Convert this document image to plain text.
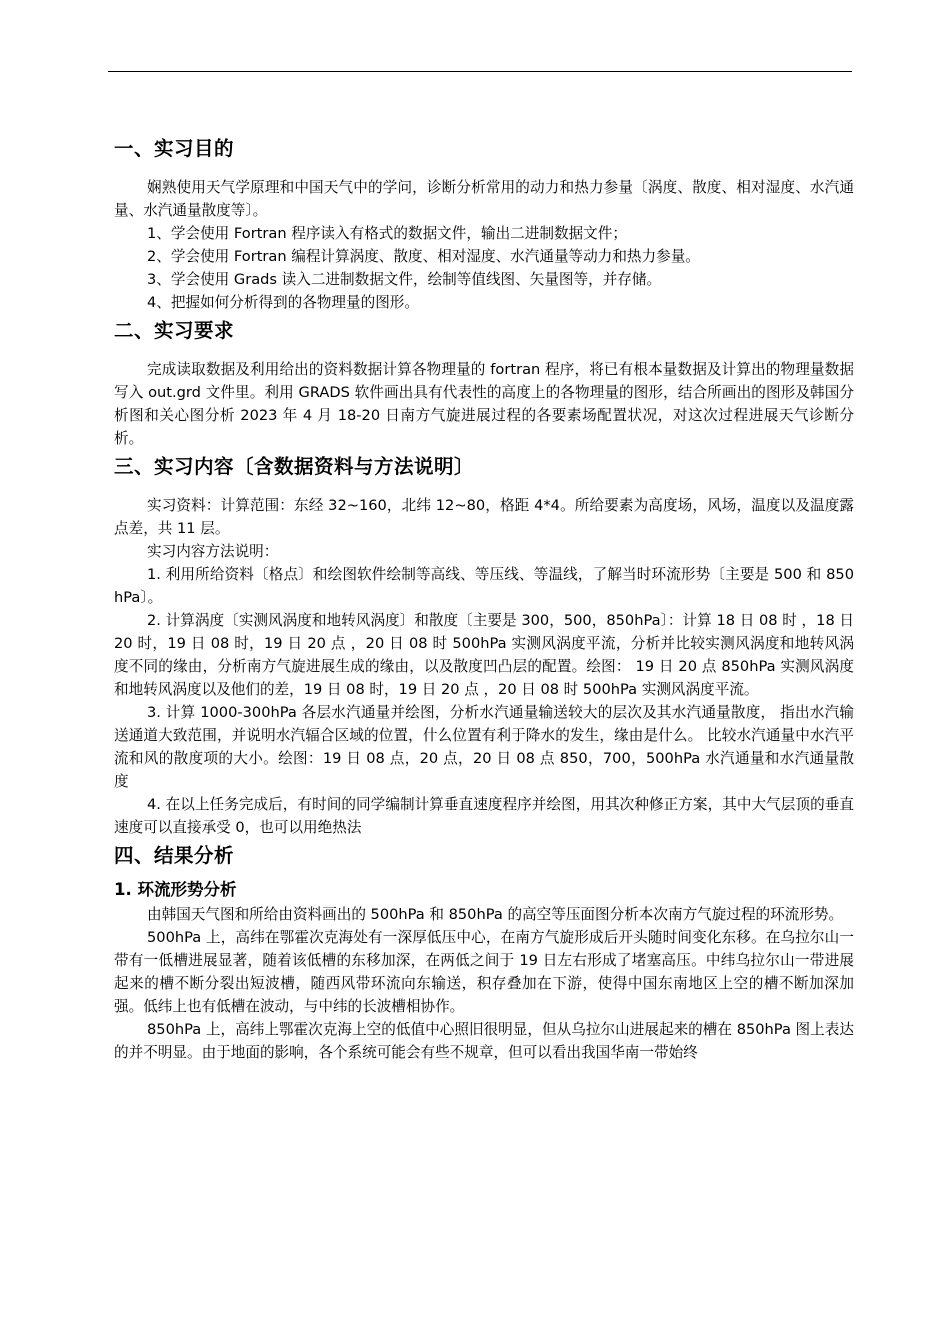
一、实习目的

娴熟使用天气学原理和中国天气中的学问，诊断分析常用的动力和热力参量〔涡度、散度、相对湿度、水汽通量、水汽通量散度等〕。

1、学会使用 Fortran 程序读入有格式的数据文件，输出二进制数据文件；

2、学会使用 Fortran 编程计算涡度、散度、相对湿度、水汽通量等动力和热力参量。

3、学会使用 Grads 读入二进制数据文件，绘制等值线图、矢量图等，并存储。

4、把握如何分析得到的各物理量的图形。

二、实习要求

完成读取数据及利用给出的资料数据计算各物理量的 fortran 程序，将已有根本量数据及计算出的物理量数据写入 out.grd 文件里。利用 GRADS 软件画出具有代表性的高度上的各物理量的图形，结合所画出的图形及韩国分析图和关心图分析 2023 年 4 月 18-20 日南方气旋进展过程的各要素场配置状况，对这次过程进展天气诊断分析。

三、实习内容〔含数据资料与方法说明〕

实习资料：计算范围：东经 32~160，北纬 12~80，格距 4*4。所给要素为高度场，风场，温度以及温度露点差，共 11 层。

实习内容方法说明：

1. 利用所给资料〔格点〕和绘图软件绘制等高线、等压线、等温线，了解当时环流形势〔主要是 500 和 850hPa〕。

2. 计算涡度〔实测风涡度和地转风涡度〕和散度〔主要是 300，500，850hPa〕：计算 18 日 08 时 ，18 日 20 时，19 日 08 时，19 日 20 点 ，20 日 08 时 500hPa 实测风涡度平流，分析并比较实测风涡度和地转风涡度不同的缘由，分析南方气旋进展生成的缘由，以及散度凹凸层的配置。绘图： 19 日 20 点 850hPa 实测风涡度和地转风涡度以及他们的差，19 日 08 时，19 日 20 点 ，20 日 08 时 500hPa 实测风涡度平流。

3. 计算 1000-300hPa 各层水汽通量并绘图，分析水汽通量输送较大的层次及其水汽通量散度， 指出水汽输送通道大致范围，并说明水汽辐合区域的位置，什么位置有利于降水的发生，缘由是什么。 比较水汽通量中水汽平流和风的散度项的大小。绘图：19 日 08 点，20 点，20 日 08 点 850，700，500hPa 水汽通量和水汽通量散度

4. 在以上任务完成后，有时间的同学编制计算垂直速度程序并绘图，用其次种修正方案，其中大气层顶的垂直速度可以直接承受 0，也可以用绝热法

四、结果分析
1. 环流形势分析

由韩国天气图和所给由资料画出的 500hPa 和 850hPa 的高空等压面图分析本次南方气旋过程的环流形势。

500hPa 上，高纬在鄂霍次克海处有一深厚低压中心，在南方气旋形成后开头随时间变化东移。在乌拉尔山一带有一低槽进展显著，随着该低槽的东移加深，在两低之间于 19 日左右形成了堵塞高压。中纬乌拉尔山一带进展起来的槽不断分裂出短波槽，随西风带环流向东输送，积存叠加在下游，使得中国东南地区上空的槽不断加深加强。低纬上也有低槽在波动，与中纬的长波槽相协作。

850hPa 上，高纬上鄂霍次克海上空的低值中心照旧很明显，但从乌拉尔山进展起来的槽在 850hPa 图上表达的并不明显。由于地面的影响，各个系统可能会有些不规章，但可以看出我国华南一带始终
